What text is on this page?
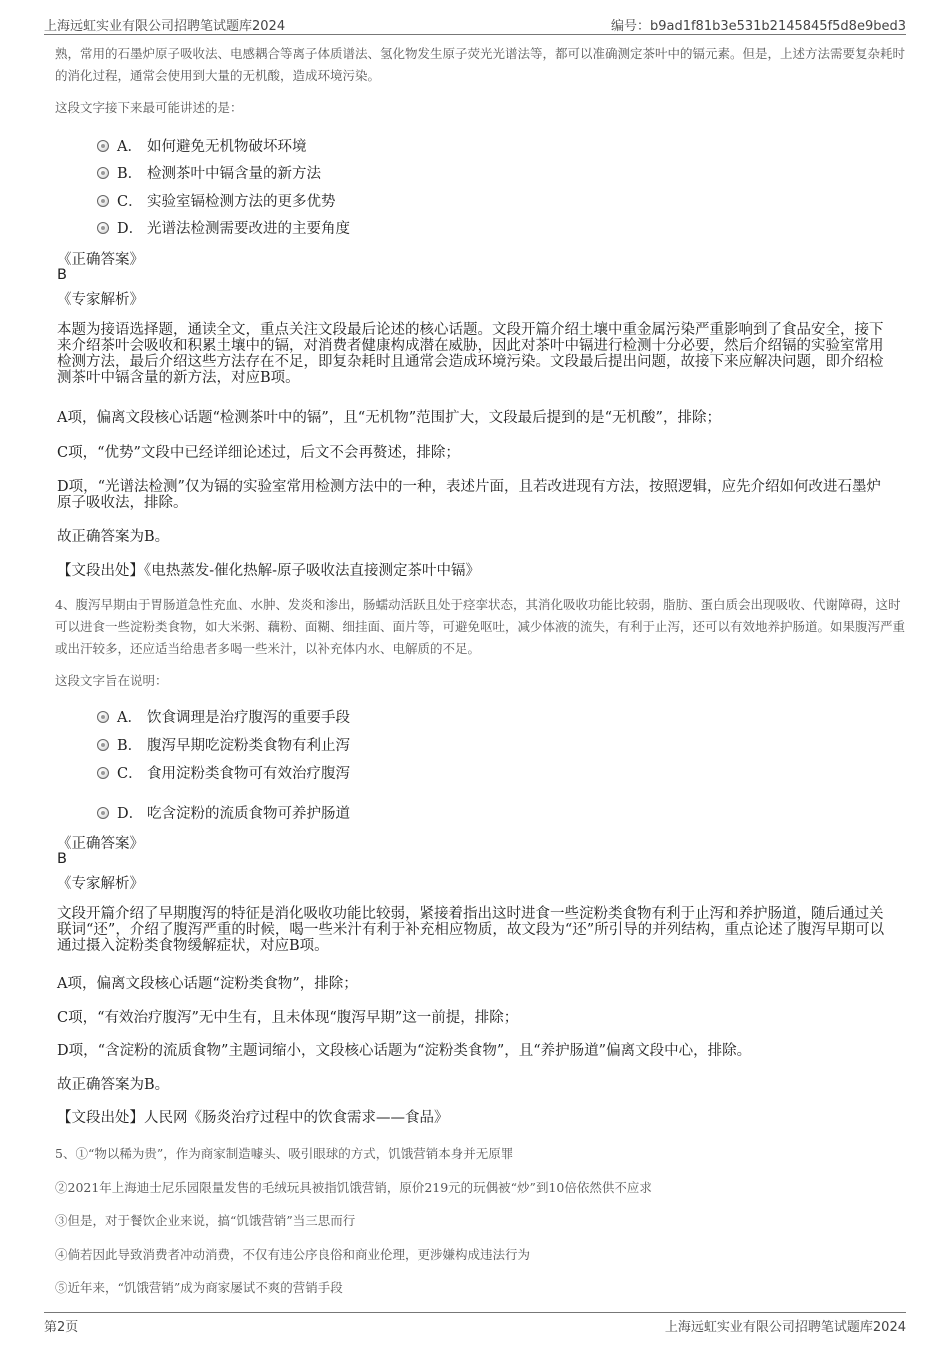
上海远虹实业有限公司招聘笔试题库2024	编号：b9ad1f81b3e531b2145845f5d8e9bed3

熟，常用的石墨炉原子吸收法、电感耦合等离子体质谱法、氢化物发生原子荧光光谱法等，都可以准确测定茶叶中的镉元素。但是，上述方法需要复杂耗时的消化过程，通常会使用到大量的无机酸，造成环境污染。

这段文字接下来最可能讲述的是：

A． 如何避免无机物破坏环境
B． 检测茶叶中镉含量的新方法
C． 实验室镉检测方法的更多优势
D． 光谱法检测需要改进的主要角度

《正确答案》

B

《专家解析》

本题为接语选择题，通读全文，重点关注文段最后论述的核心话题。文段开篇介绍土壤中重金属污染严重影响到了食品安全，接下来介绍茶叶会吸收和积累土壤中的镉，对消费者健康构成潜在威胁，因此对茶叶中镉进行检测十分必要，然后介绍镉的实验室常用检测方法，最后介绍这些方法存在不足，即复杂耗时且通常会造成环境污染。文段最后提出问题，故接下来应解决问题，即介绍检测茶叶中镉含量的新方法，对应B项。

A项，偏离文段核心话题“检测茶叶中的镉”，且“无机物”范围扩大，文段最后提到的是“无机酸”，排除；

C项，“优势”文段中已经详细论述过，后文不会再赘述，排除；

D项，“光谱法检测”仅为镉的实验室常用检测方法中的一种，表述片面，且若改进现有方法，按照逻辑，应先介绍如何改进石墨炉原子吸收法，排除。

故正确答案为B。

【文段出处】《电热蒸发-催化热解-原子吸收法直接测定茶叶中镉》

4、腹泻早期由于胃肠道急性充血、水肿、发炎和渗出，肠蠕动活跃且处于痉挛状态，其消化吸收功能比较弱，脂肪、蛋白质会出现吸收、代谢障碍，这时可以进食一些淀粉类食物，如大米粥、藕粉、面糊、细挂面、面片等，可避免呕吐，减少体液的流失，有利于止泻，还可以有效地养护肠道。如果腹泻严重或出汗较多，还应适当给患者多喝一些米汁，以补充体内水、电解质的不足。

这段文字旨在说明：

A． 饮食调理是治疗腹泻的重要手段
B． 腹泻早期吃淀粉类食物有利止泻
C． 食用淀粉类食物可有效治疗腹泻
D． 吃含淀粉的流质食物可养护肠道

《正确答案》

B

《专家解析》

文段开篇介绍了早期腹泻的特征是消化吸收功能比较弱，紧接着指出这时进食一些淀粉类食物有利于止泻和养护肠道，随后通过关联词“还”，介绍了腹泻严重的时候，喝一些米汁有利于补充相应物质，故文段为“还”所引导的并列结构，重点论述了腹泻早期可以通过摄入淀粉类食物缓解症状，对应B项。

A项，偏离文段核心话题“淀粉类食物”，排除；

C项，“有效治疗腹泻”无中生有，且未体现“腹泻早期”这一前提，排除；

D项，“含淀粉的流质食物”主题词缩小，文段核心话题为“淀粉类食物”，且“养护肠道”偏离文段中心，排除。

故正确答案为B。

【文段出处】人民网《肠炎治疗过程中的饮食需求——食品》

5、①“物以稀为贵”，作为商家制造噱头、吸引眼球的方式，饥饿营销本身并无原罪

②2021年上海迪士尼乐园限量发售的毛绒玩具被指饥饿营销，原价219元的玩偶被“炒”到10倍依然供不应求

③但是，对于餐饮企业来说，搞“饥饿营销”当三思而行

④倘若因此导致消费者冲动消费，不仅有违公序良俗和商业伦理，更涉嫌构成违法行为

⑤近年来，“饥饿营销”成为商家屡试不爽的营销手段

第2页	上海远虹实业有限公司招聘笔试题库2024
